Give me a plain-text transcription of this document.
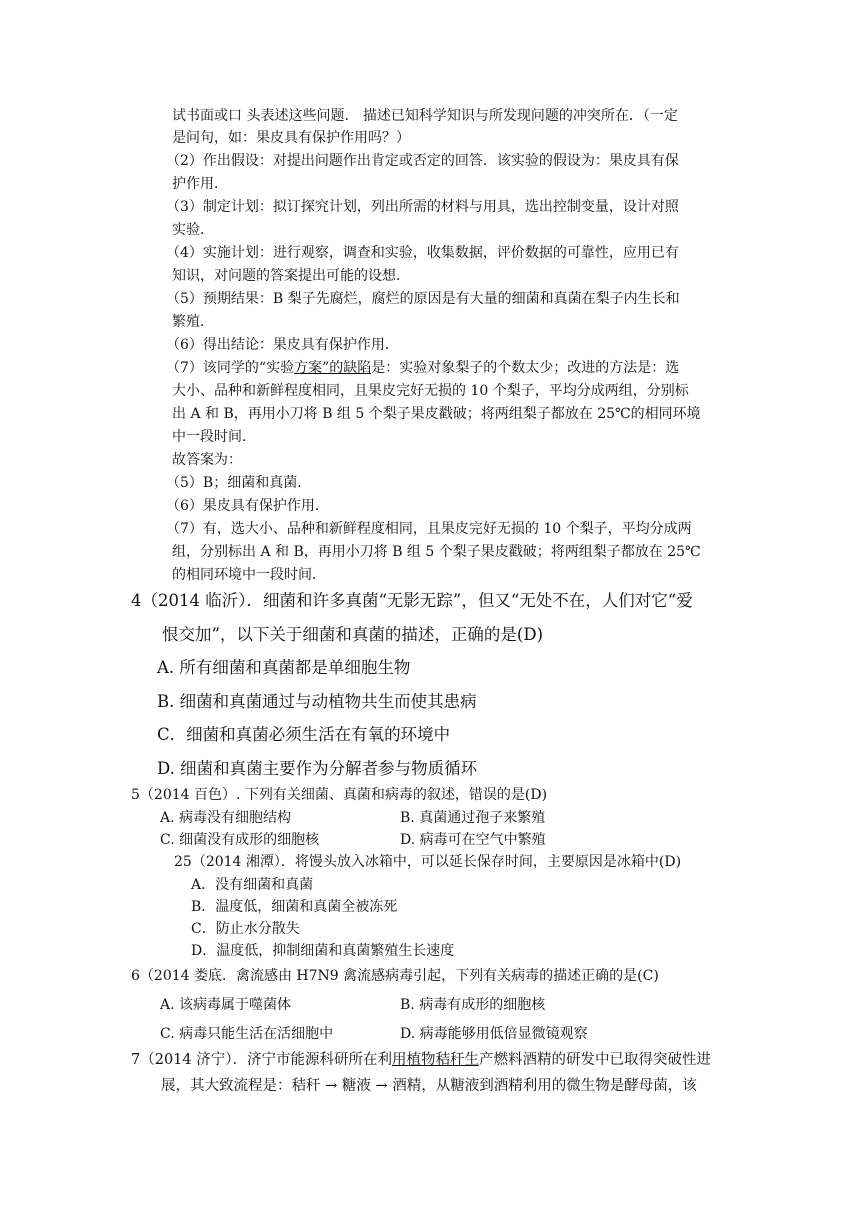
试书面或口 头表述这些问题． 描述已知科学知识与所发现问题的冲突所在．（一定
是问句，如：果皮具有保护作用吗？）
（2）作出假设：对提出问题作出肯定或否定的回答．该实验的假设为：果皮具有保
护作用．
（3）制定计划：拟订探究计划，列出所需的材料与用具，选出控制变量，设计对照
实验．
（4）实施计划：进行观察，调查和实验，收集数据，评价数据的可靠性，应用已有
知识，对问题的答案提出可能的设想．
（5）预期结果：B 梨子先腐烂，腐烂的原因是有大量的细菌和真菌在梨子内生长和
繁殖．
（6）得出结论：果皮具有保护作用．
（7）该同学的“实验方案”的缺陷是：实验对象梨子的个数太少；改进的方法是：选
大小、品种和新鲜程度相同，且果皮完好无损的 10 个梨子，平均分成两组，分别标
出 A 和 B，再用小刀将 B 组 5 个梨子果皮戳破；将两组梨子都放在 25℃的相同环境
中一段时间．
故答案为：
（5）B；细菌和真菌．
（6）果皮具有保护作用．
（7）有，选大小、品种和新鲜程度相同，且果皮完好无损的 10 个梨子，平均分成两
组，分别标出 A 和 B，再用小刀将 B 组 5 个梨子果皮戳破；将两组梨子都放在 25℃
的相同环境中一段时间．
4（2014 临沂）．细菌和许多真菌“无影无踪”，但又“无处不在，人们对它“爱
恨交加”，以下关于细菌和真菌的描述，正确的是(D)
A. 所有细菌和真菌都是单细胞生物
B. 细菌和真菌通过与动植物共生而使其患病
C．细菌和真菌必须生活在有氧的环境中
D. 细菌和真菌主要作为分解者参与物质循环
5（2014 百色）. 下列有关细菌、真菌和病毒的叙述，错误的是(D)
A. 病毒没有细胞结构	B. 真菌通过孢子来繁殖
C. 细菌没有成形的细胞核	D. 病毒可在空气中繁殖
25（2014 湘潭）．将馒头放入冰箱中，可以延长保存时间，主要原因是冰箱中(D)
A．没有细菌和真菌
B．温度低，细菌和真菌全被冻死
C．防止水分散失
D．温度低，抑制细菌和真菌繁殖生长速度
6（2014 娄底．禽流感由 H7N9 禽流感病毒引起，下列有关病毒的描述正确的是(C)
A. 该病毒属于噬菌体	B. 病毒有成形的细胞核
C. 病毒只能生活在活细胞中	D. 病毒能够用低倍显微镜观察
7（2014 济宁）．济宁市能源科研所在利用植物秸秆生产燃料酒精的研发中已取得突破性进
展，其大致流程是：秸秆 → 糖液 → 酒精，从糖液到酒精利用的微生物是酵母菌，该
